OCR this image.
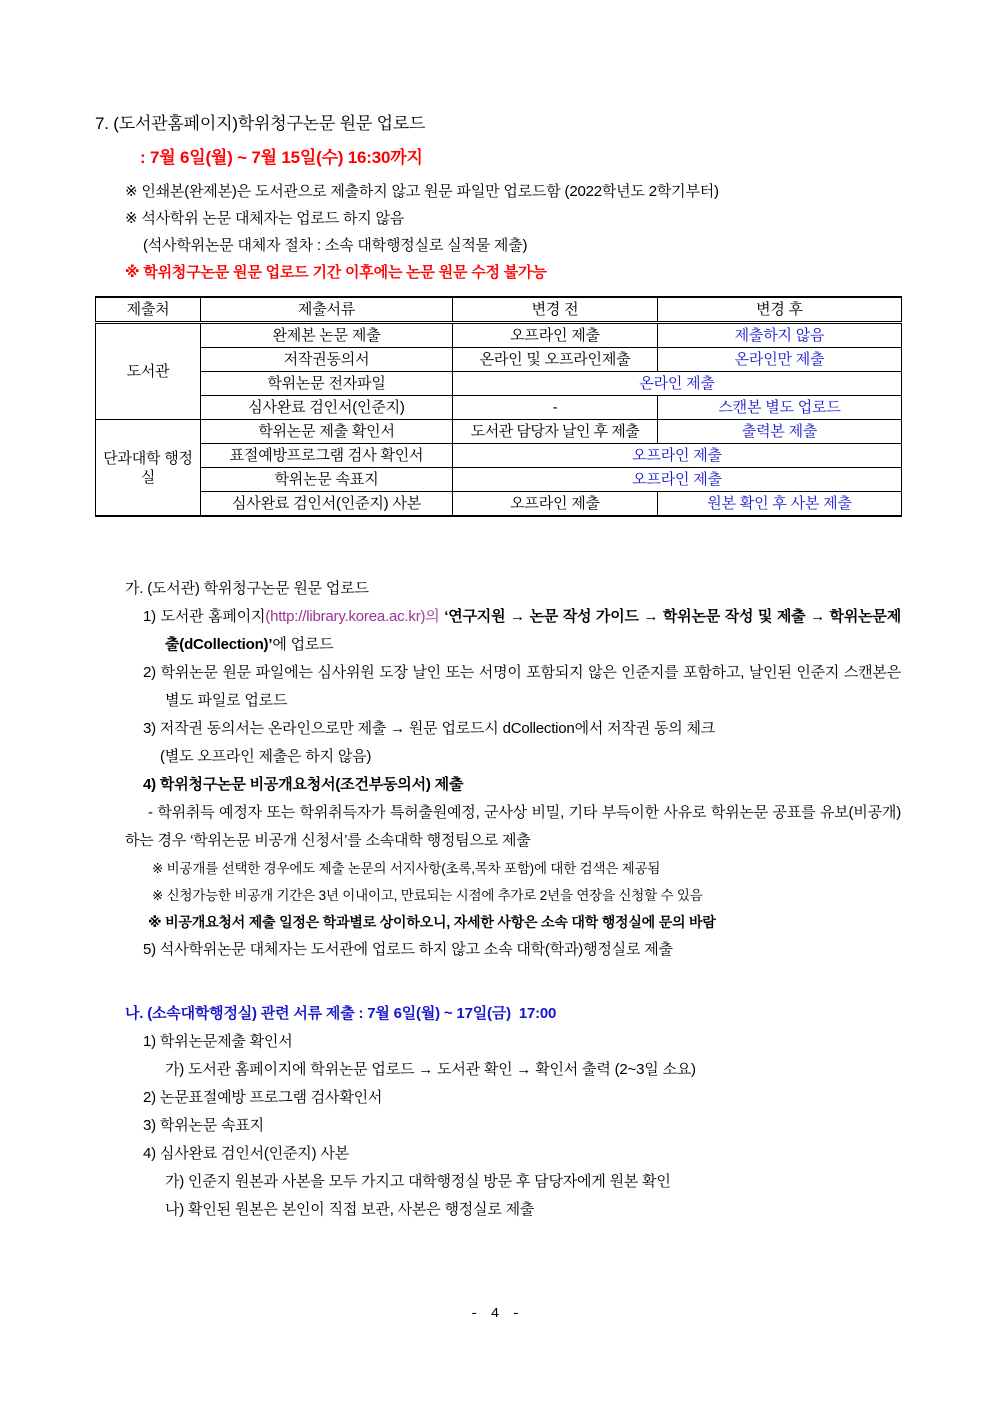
7. (도서관홈페이지)학위청구논문 원문 업로드
: 7월 6일(월) ~ 7월 15일(수) 16:30까지
※ 인쇄본(완제본)은 도서관으로 제출하지 않고 원문 파일만 업로드함 (2022학년도 2학기부터)
※ 석사학위 논문 대체자는 업로드 하지 않음
(석사학위논문 대체자 절차 : 소속 대학행정실로 실적물 제출)
※ 학위청구논문 원문 업로드 기간 이후에는 논문 원문 수정 불가능
제출처	제출서류	변경 전	변경 후
도서관	완제본 논문 제출	오프라인 제출	제출하지 않음
	저작권동의서	온라인 및 오프라인제출	온라인만 제출
	학위논문 전자파일	온라인 제출	
	심사완료 검인서(인준지)	-	스캔본 별도 업로드
단과대학 행정실	학위논문 제출 확인서	도서관 담당자 날인 후 제출	출력본 제출
	표절예방프로그램 검사 확인서	오프라인 제출	
	학위논문 속표지	오프라인 제출	
	심사완료 검인서(인준지) 사본	오프라인 제출	원본 확인 후 사본 제출
가. (도서관) 학위청구논문 원문 업로드
1) 도서관 홈페이지(http://library.korea.ac.kr)의 ‘연구지원 → 논문 작성 가이드 → 학위논문 작성 및 제출 → 학위논문제출(dCollection)’에 업로드
2) 학위논문 원문 파일에는 심사위원 도장 날인 또는 서명이 포함되지 않은 인준지를 포함하고, 날인된 인준지 스캔본은 별도 파일로 업로드
3) 저작권 동의서는 온라인으로만 제출 → 원문 업로드시 dCollection에서 저작권 동의 체크
(별도 오프라인 제출은 하지 않음)
4) 학위청구논문 비공개요청서(조건부동의서) 제출
- 학위취득 예정자 또는 학위취득자가 특허출원예정, 군사상 비밀, 기타 부득이한 사유로 학위논문 공표를 유보(비공개)하는 경우 ‘학위논문 비공개 신청서’를 소속대학 행정팀으로 제출
※ 비공개를 선택한 경우에도 제출 논문의 서지사항(초록,목차 포함)에 대한 검색은 제공됨
※ 신청가능한 비공개 기간은 3년 이내이고, 만료되는 시점에 추가로 2년을 연장을 신청할 수 있음
※ 비공개요청서 제출 일정은 학과별로 상이하오니, 자세한 사항은 소속 대학 행정실에 문의 바람
5) 석사학위논문 대체자는 도서관에 업로드 하지 않고 소속 대학(학과)행정실로 제출
나. (소속대학행정실) 관련 서류 제출 : 7월 6일(월) ~ 17일(금)  17:00
1) 학위논문제출 확인서
가) 도서관 홈페이지에 학위논문 업로드 → 도서관 확인 → 확인서 출력 (2~3일 소요)
2) 논문표절예방 프로그램 검사확인서
3) 학위논문 속표지
4) 심사완료 검인서(인준지) 사본
가) 인준지 원본과 사본을 모두 가지고 대학행정실 방문 후 담당자에게 원본 확인
나) 확인된 원본은 본인이 직접 보관, 사본은 행정실로 제출
- 4 -
